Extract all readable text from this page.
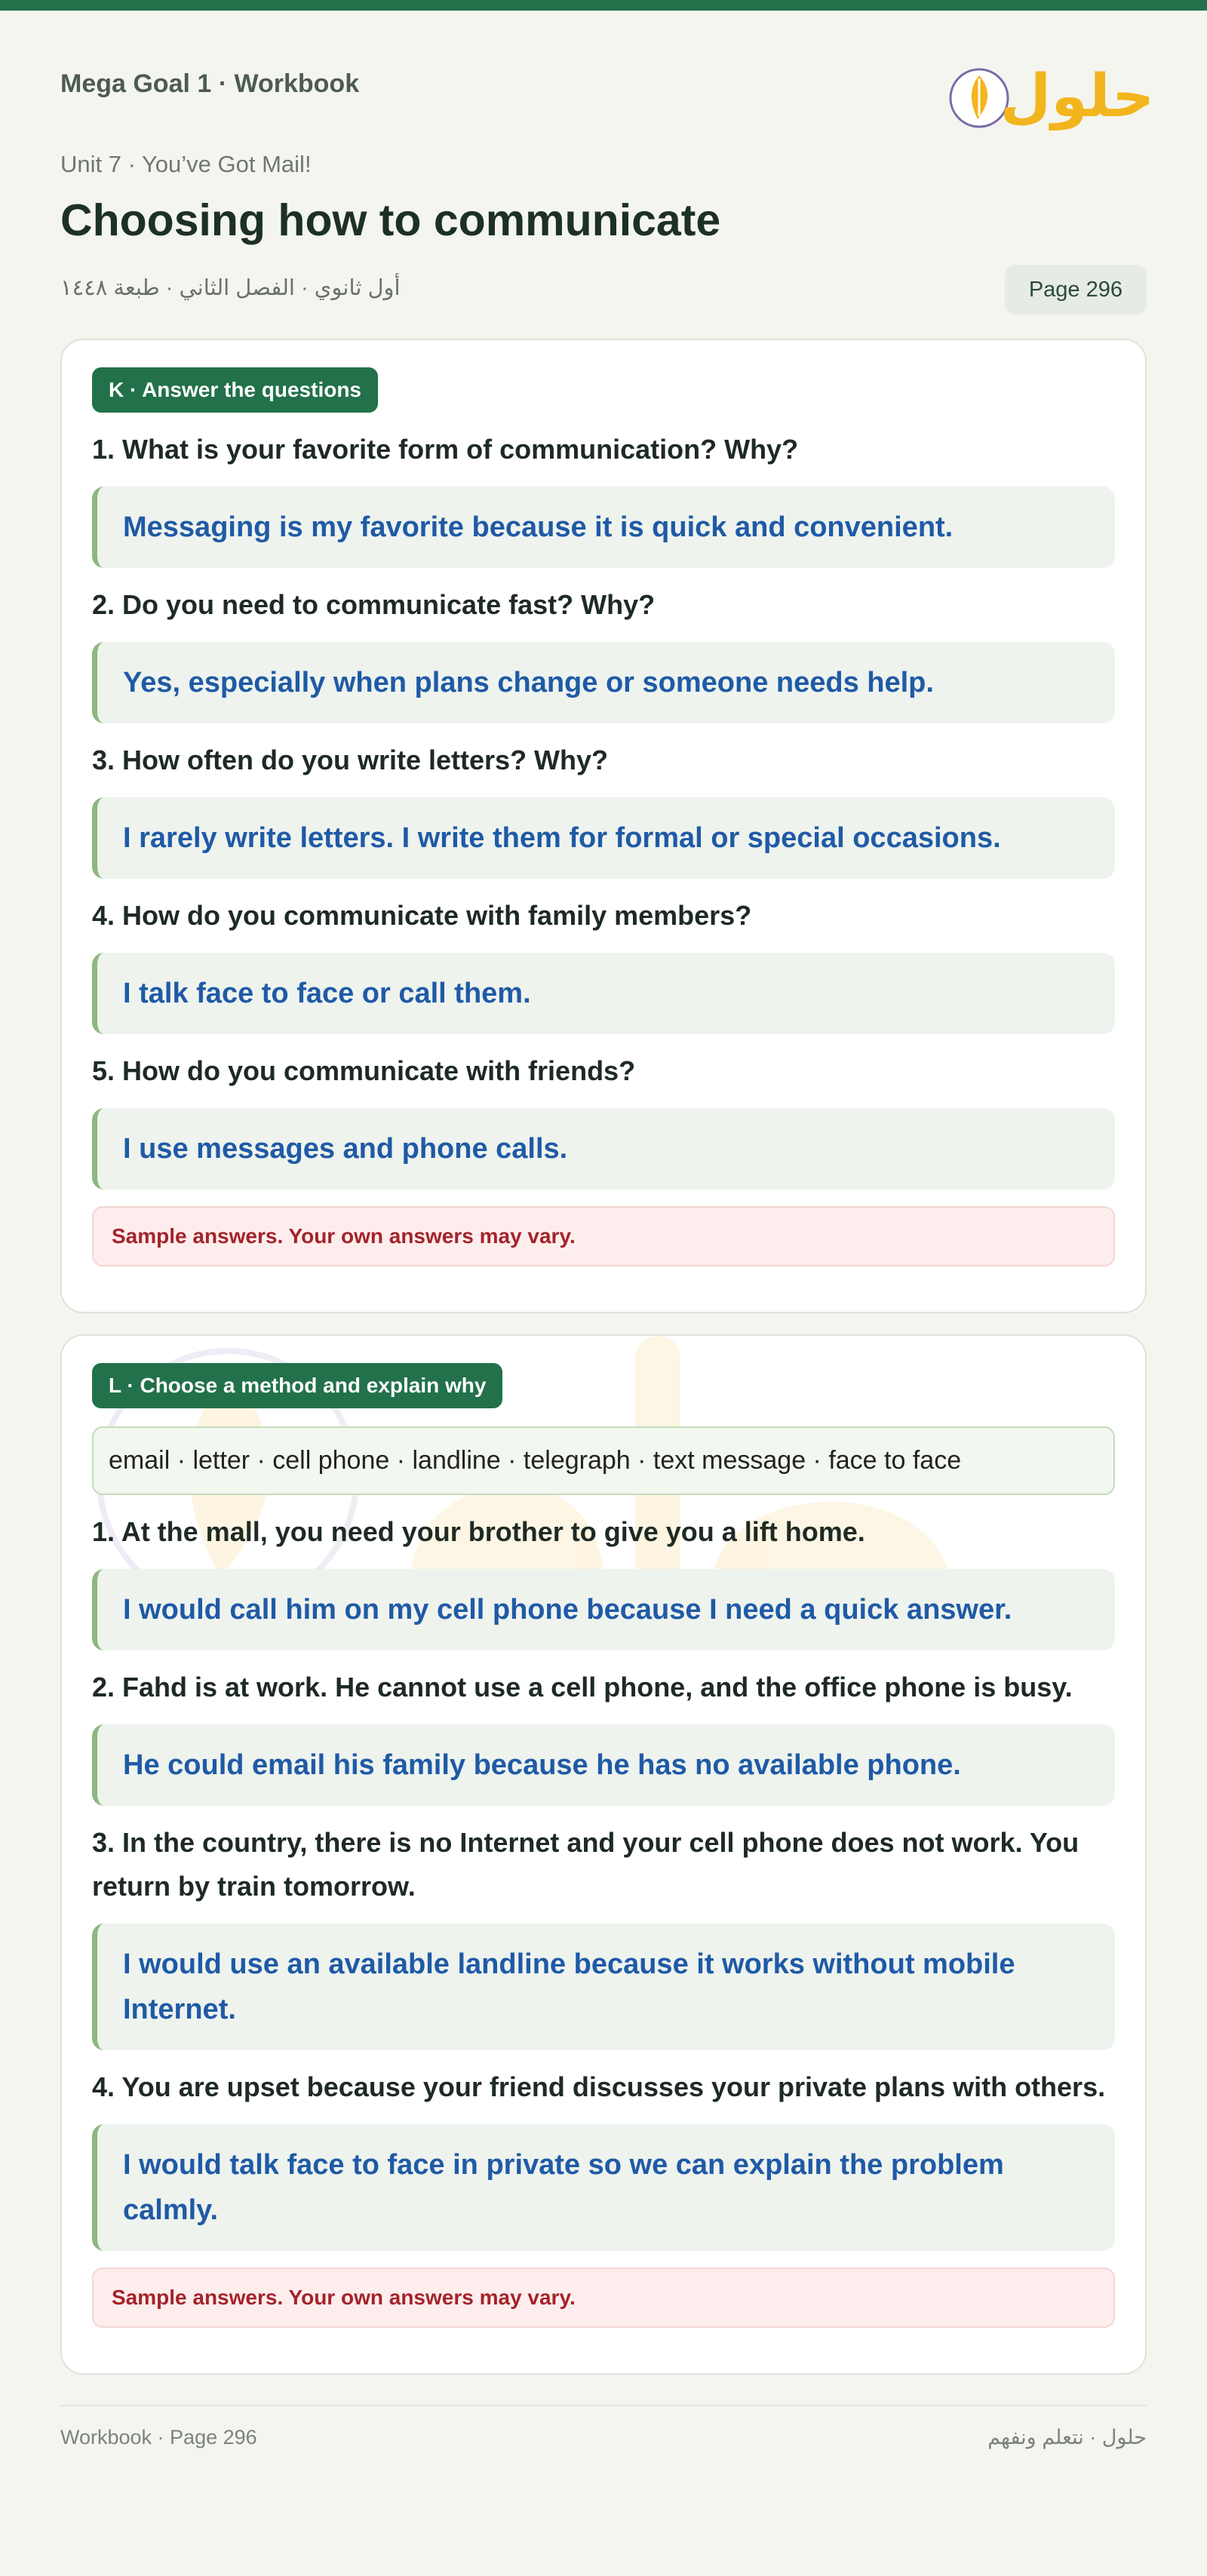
Mega Goal 1 · Workbook	حلول
Unit 7 · You’ve Got Mail!
Choosing how to communicate
أول ثانوي · الفصل الثاني · طبعة ١٤٤٨	Page 296
K · Answer the questions
1. What is your favorite form of communication? Why?
Messaging is my favorite because it is quick and convenient.
2. Do you need to communicate fast? Why?
Yes, especially when plans change or someone needs help.
3. How often do you write letters? Why?
I rarely write letters. I write them for formal or special occasions.
4. How do you communicate with family members?
I talk face to face or call them.
5. How do you communicate with friends?
I use messages and phone calls.
Sample answers. Your own answers may vary.
L · Choose a method and explain why
email · letter · cell phone · landline · telegraph · text message · face to face
1. At the mall, you need your brother to give you a lift home.
I would call him on my cell phone because I need a quick answer.
2. Fahd is at work. He cannot use a cell phone, and the office phone is busy.
He could email his family because he has no available phone.
3. In the country, there is no Internet and your cell phone does not work. You return by train tomorrow.
I would use an available landline because it works without mobile Internet.
4. You are upset because your friend discusses your private plans with others.
I would talk face to face in private so we can explain the problem calmly.
Sample answers. Your own answers may vary.
Workbook · Page 296	حلول · نتعلم ونفهم
